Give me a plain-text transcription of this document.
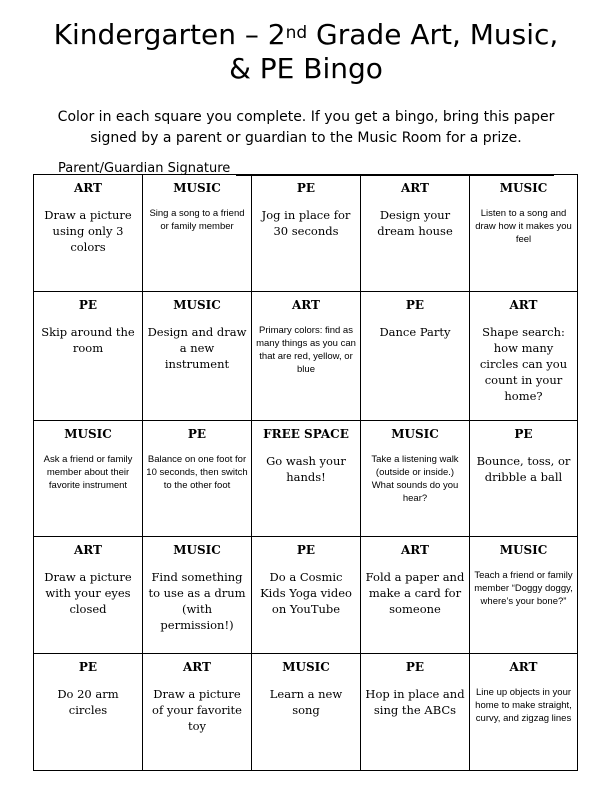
Kindergarten – 2nd Grade Art, Music,
& PE Bingo
Color in each square you complete. If you get a bingo, bring this paper
signed by a parent or guardian to the Music Room for a prize.
Parent/Guardian Signature
ART
Draw a picture using only 3 colors	MUSIC
Sing a song to a friend or family member	PE
Jog in place for 30 seconds	ART
Design your dream house	MUSIC
Listen to a song and draw how it makes you feel

PE
Skip around the room	MUSIC
Design and draw a new instrument	ART
Primary colors: find as many things as you can that are red, yellow, or blue	PE
Dance Party	ART
Shape search: how many circles can you count in your home?

MUSIC
Ask a friend or family member about their favorite instrument	PE
Balance on one foot for 10 seconds, then switch to the other foot	FREE SPACE
Go wash your hands!	MUSIC
Take a listening walk (outside or inside.) What sounds do you hear?	PE
Bounce, toss, or dribble a ball

ART
Draw a picture with your eyes closed	MUSIC
Find something to use as a drum (with permission!)	PE
Do a Cosmic Kids Yoga video on YouTube	ART
Fold a paper and make a card for someone	MUSIC
Teach a friend or family member “Doggy doggy, where’s your bone?”

PE
Do 20 arm circles	ART
Draw a picture of your favorite toy	MUSIC
Learn a new song	PE
Hop in place and sing the ABCs	ART
Line up objects in your home to make straight, curvy, and zigzag lines
